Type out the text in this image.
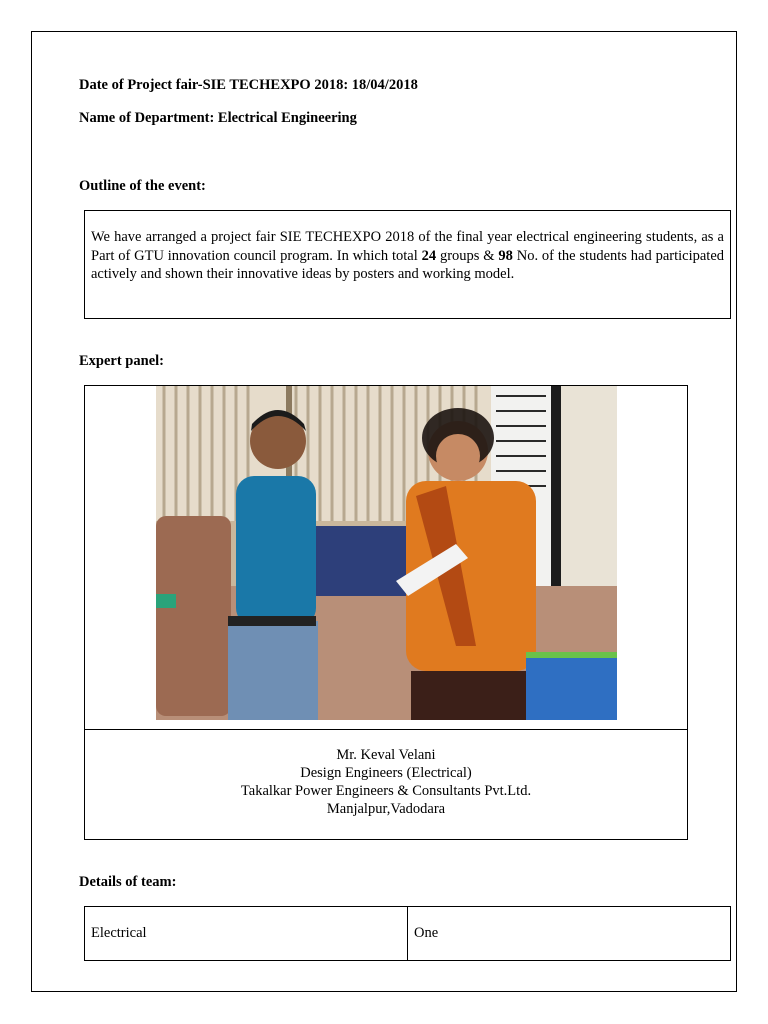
Date of Project fair-SIE TECHEXPO 2018: 18/04/2018
Name of Department: Electrical Engineering
Outline of the event:
We have arranged a project fair SIE TECHEXPO 2018 of the final year electrical engineering students, as a Part of GTU innovation council program. In which total 24 groups & 98 No. of the students had participated actively and shown their innovative ideas by posters and working model.
Expert panel:
Mr. Keval Velani
Design Engineers (Electrical)
Takalkar Power Engineers & Consultants Pvt.Ltd.
Manjalpur,Vadodara
Details of team:
Electrical	One
